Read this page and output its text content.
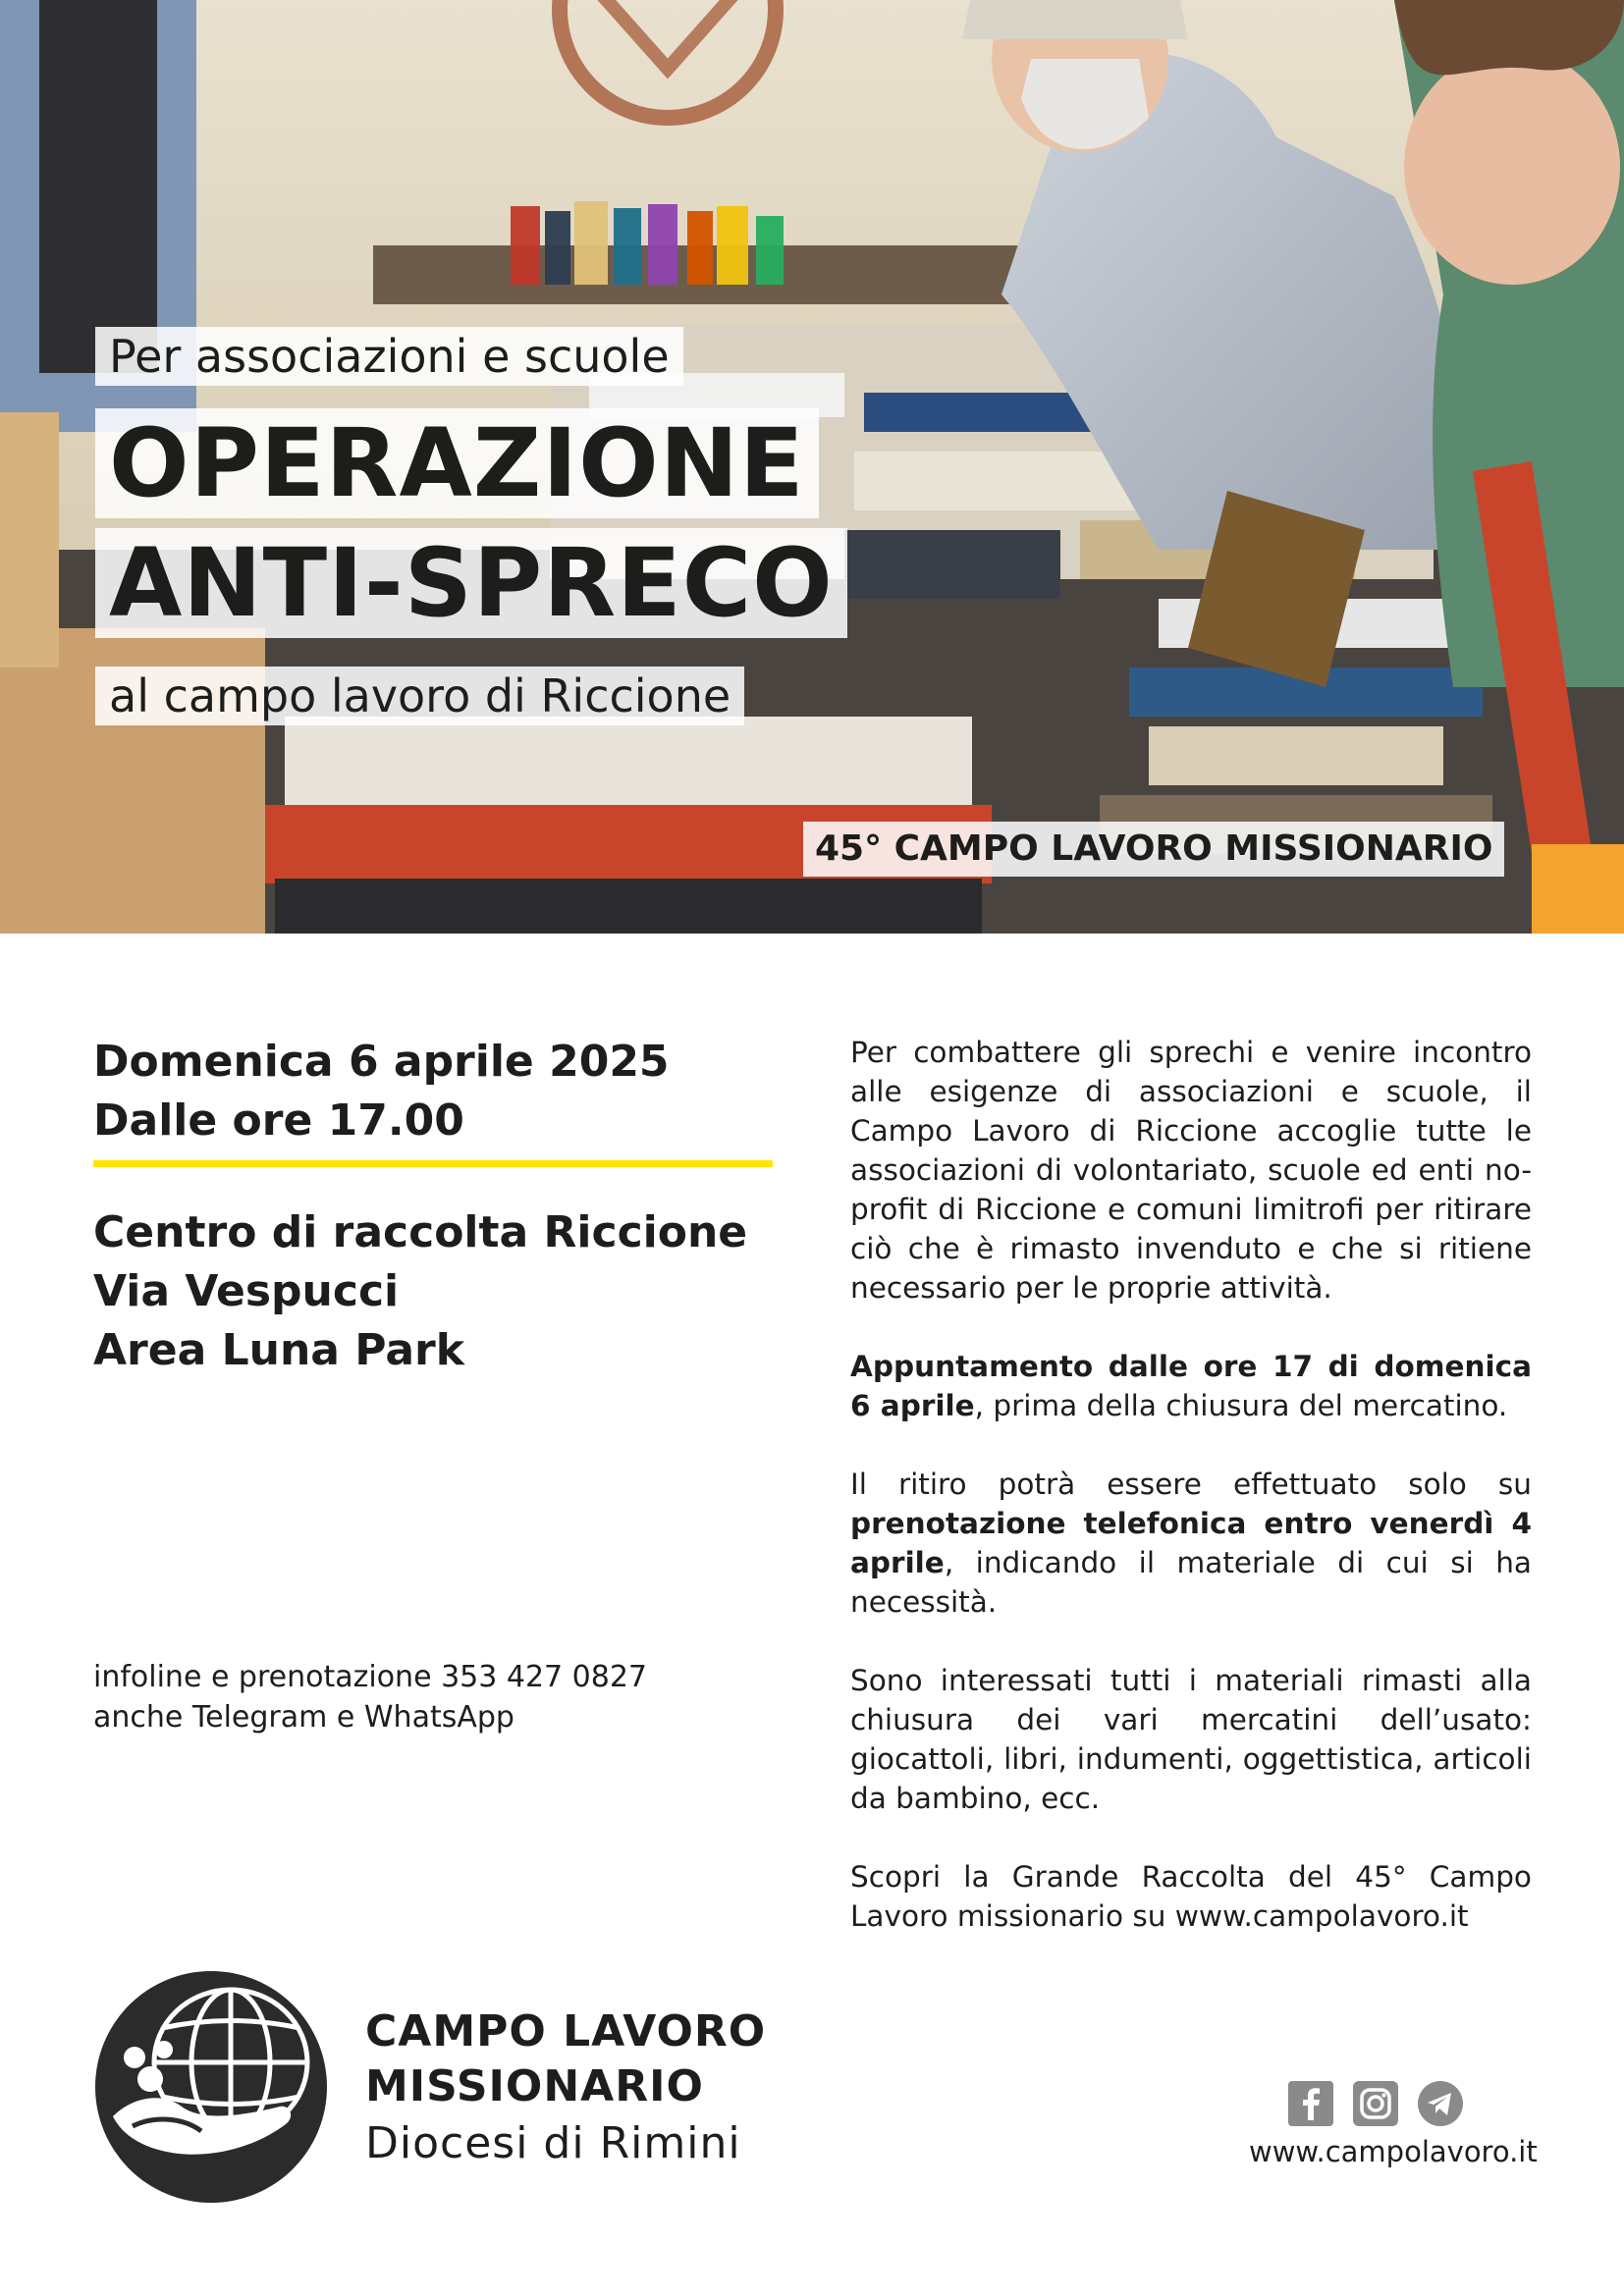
Per associazioni e scuole
OPERAZIONE
ANTI-SPRECO
al campo lavoro di Riccione
45° CAMPO LAVORO MISSIONARIO
Domenica 6 aprile 2025
Dalle ore 17.00
Centro di raccolta Riccione
Via Vespucci
Area Luna Park
infoline e prenotazione 353 427 0827
anche Telegram e WhatsApp

Per combattere gli sprechi e venire incontro alle esigenze di associazioni e scuole, il Campo Lavoro di Riccione accoglie tutte le associazioni di volontariato, scuole ed enti no-profit di Riccione e comuni limitrofi per ritirare ciò che è rimasto invenduto e che si ritiene necessario per le proprie attività.

Appuntamento dalle ore 17 di domenica 6 aprile, prima della chiusura del mercatino.

Il ritiro potrà essere effettuato solo su prenotazione telefonica entro venerdì 4 aprile, indicando il materiale di cui si ha necessità.

Sono interessati tutti i materiali rimasti alla chiusura dei vari mercatini dell’usato: giocattoli, libri, indumenti, oggettistica, articoli da bambino, ecc.

Scopri la Grande Raccolta del 45° Campo Lavoro missionario su www.campolavoro.it

CAMPO LAVORO
MISSIONARIO
Diocesi di Rimini	www.campolavoro.it
